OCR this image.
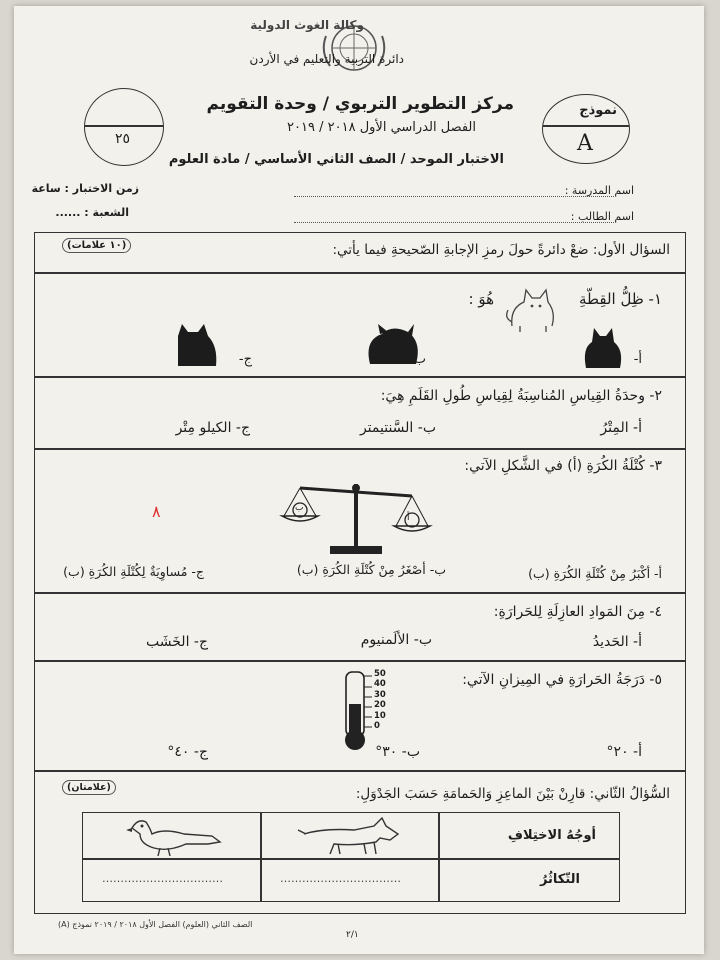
وكالة الغوث الدولية
دائرة التربية والتعليم في الأردن
مركز التطوير التربوي / وحدة التقويم
الفصل الدراسي الأول ٢٠١٨ / ٢٠١٩
الاختبار الموحد / الصف الثاني الأساسي / مادة العلوم
نموذج
A
٢٥
اسم المدرسة :
اسم الطالب :
زمن الاختبار : ساعة
الشعبة : ......
السؤال الأول: ضعْ دائرةً حولَ رمزِ الإجابةِ الصّحيحةِ فيما يأتي:
(١٠ علامات)
١- ظِلُّ القِطّةِ
هُوَ :
أ-
ب-
ج-
٢- وحدَةُ القِياسِ المُناسِبَةُ لِقِياسِ طُولِ القَلَمِ هِيَ:
أ- المِتْرُ
ب- السَّنتيمتر
ج- الكيلو مِتْر
٣- كُتْلَةُ الكُرَةِ (أ) في الشَّكلِ الآتي:
ب
أ
أ- أكْبَرُ مِنْ كُتْلَةِ الكُرَةِ (ب)
ب- أصْغَرُ مِنْ كُتْلَةِ الكُرَةِ (ب)
ج- مُساوِيَةٌ لِكُتْلَةِ الكُرَةِ (ب)
٤- مِنَ المَوادِ العازِلَةِ لِلحَرارَةِ:
أ- الحَديدُ
ب- الألَمنيوم
ج- الخَشَب
٥- دَرَجَةُ الحَرارَةِ في المِيزانِ الآتي:
50
40
30
20
10
0
أ- ٢٠°
ب- ٣٠°
ج- ٤٠°
السُّؤالُ الثّاني: قارِنْ بَيْنَ الماعِزِ وَالحَمامَةِ حَسَبَ الجَدْوَلِ:
(علامتان)
أوجُهُ الاختِلافِ
التّكاثُرُ
……………………………
……………………………
الصف الثاني (العلوم) الفصل الأول ٢٠١٨ / ٢٠١٩ نموذج (A)
٢/١
٨
